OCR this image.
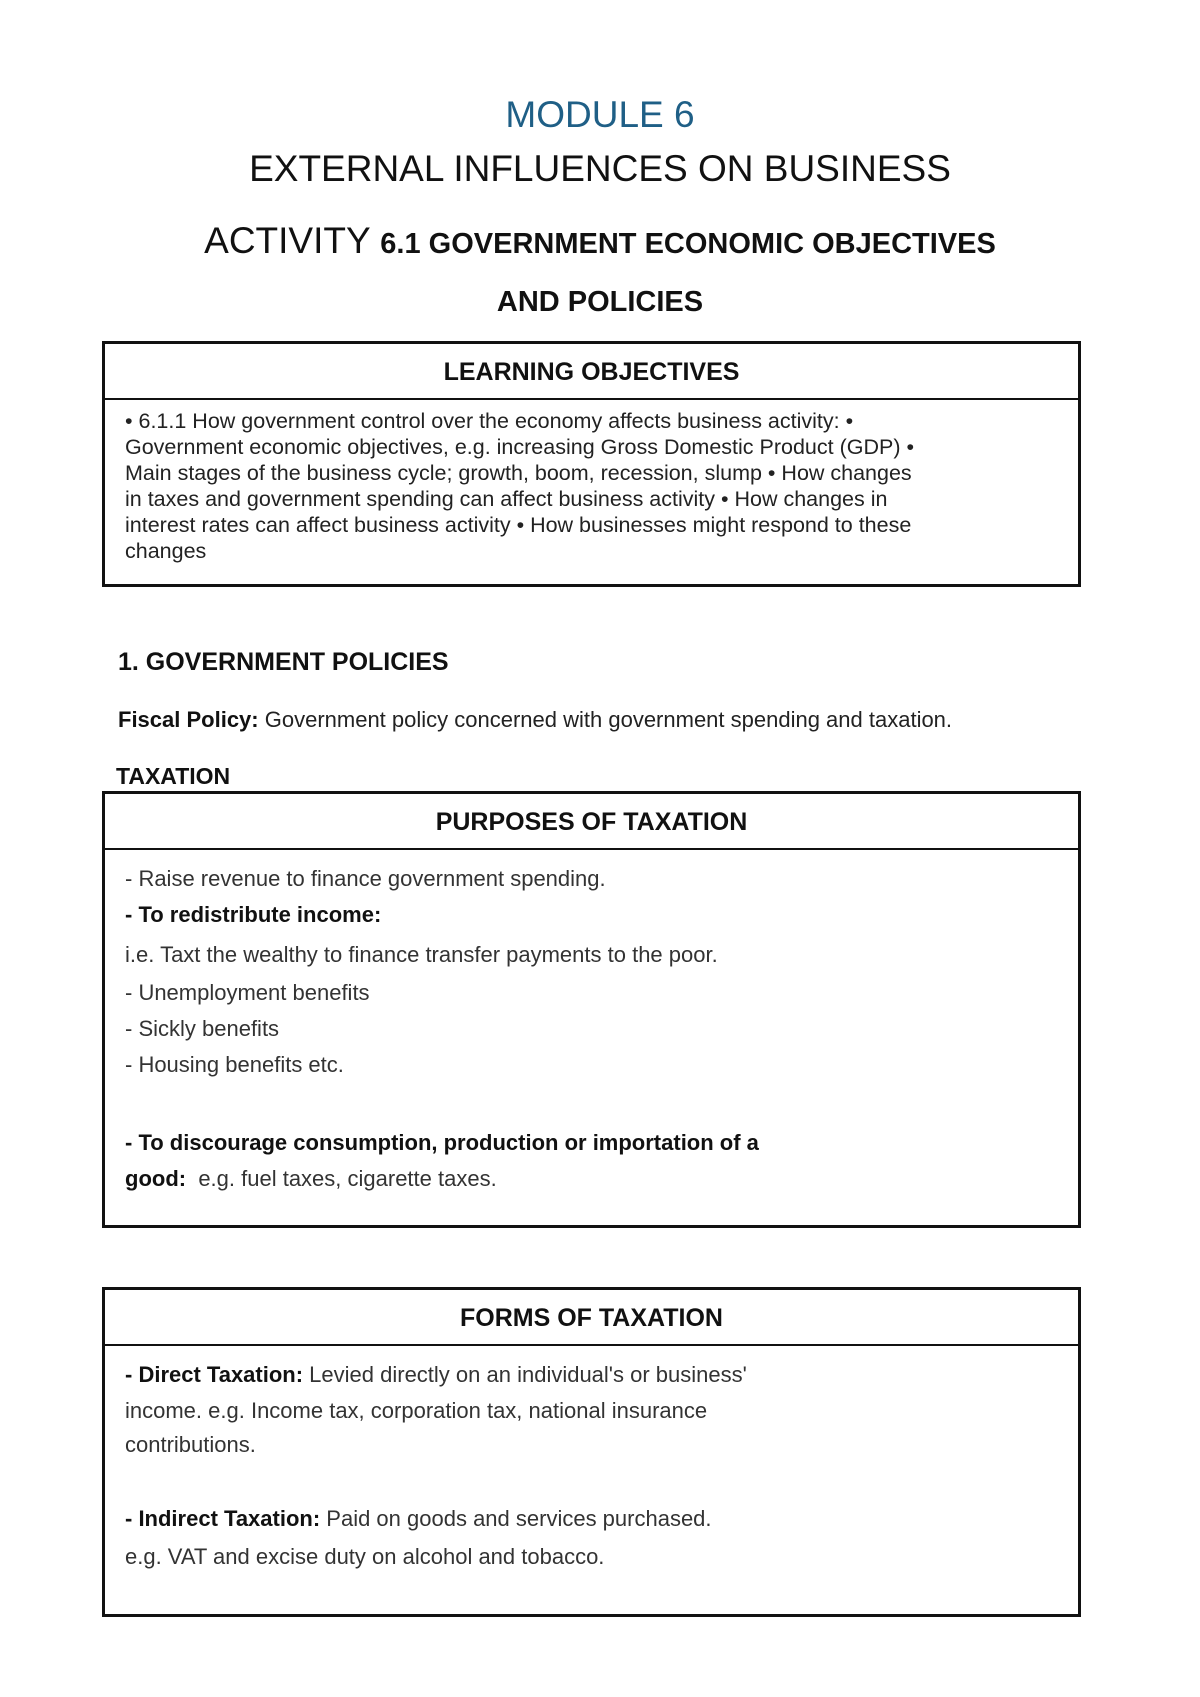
MODULE 6
EXTERNAL INFLUENCES ON BUSINESS
ACTIVITY 6.1 GOVERNMENT ECONOMIC OBJECTIVES
AND POLICIES
LEARNING OBJECTIVES
• 6.1.1 How government control over the economy affects business activity: •
Government economic objectives, e.g. increasing Gross Domestic Product (GDP) •
Main stages of the business cycle; growth, boom, recession, slump • How changes
in taxes and government spending can affect business activity • How changes in
interest rates can affect business activity • How businesses might respond to these
changes
1. GOVERNMENT POLICIES
Fiscal Policy: Government policy concerned with government spending and taxation.
TAXATION
PURPOSES OF TAXATION
- Raise revenue to finance government spending.
- To redistribute income:
i.e. Taxt the wealthy to finance transfer payments to the poor.
- Unemployment benefits
- Sickly benefits
- Housing benefits etc.
- To discourage consumption, production or importation of a
good:  e.g. fuel taxes, cigarette taxes.
FORMS OF TAXATION
- Direct Taxation: Levied directly on an individual's or business'
income. e.g. Income tax, corporation tax, national insurance
contributions.
- Indirect Taxation: Paid on goods and services purchased.
e.g. VAT and excise duty on alcohol and tobacco.
